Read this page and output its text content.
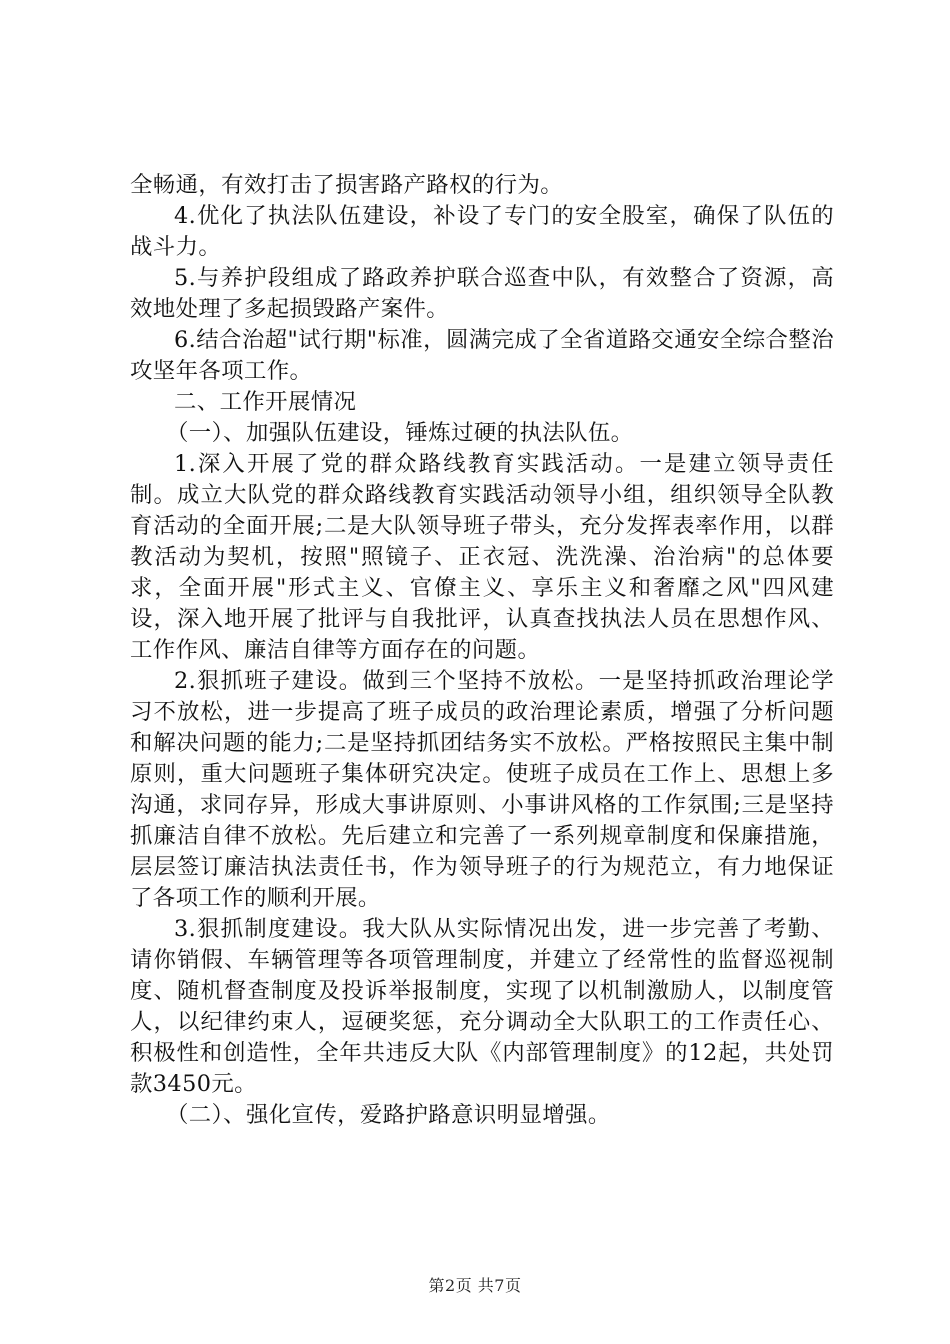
全畅通，有效打击了损害路产路权的行为。

4.优化了执法队伍建设，补设了专门的安全股室，确保了队伍的战斗力。

5.与养护段组成了路政养护联合巡查中队，有效整合了资源，高效地处理了多起损毁路产案件。

6.结合治超"试行期"标准，圆满完成了全省道路交通安全综合整治攻坚年各项工作。

二、工作开展情况

（一）、加强队伍建设，锤炼过硬的执法队伍。

1.深入开展了党的群众路线教育实践活动。一是建立领导责任制。成立大队党的群众路线教育实践活动领导小组，组织领导全队教育活动的全面开展;二是大队领导班子带头，充分发挥表率作用，以群教活动为契机，按照"照镜子、正衣冠、洗洗澡、治治病"的总体要求，全面开展"形式主义、官僚主义、享乐主义和奢靡之风"四风建设，深入地开展了批评与自我批评，认真查找执法人员在思想作风、工作作风、廉洁自律等方面存在的问题。

2.狠抓班子建设。做到三个坚持不放松。一是坚持抓政治理论学习不放松，进一步提高了班子成员的政治理论素质，增强了分析问题和解决问题的能力;二是坚持抓团结务实不放松。严格按照民主集中制原则，重大问题班子集体研究决定。使班子成员在工作上、思想上多沟通，求同存异，形成大事讲原则、小事讲风格的工作氛围;三是坚持抓廉洁自律不放松。先后建立和完善了一系列规章制度和保廉措施，层层签订廉洁执法责任书，作为领导班子的行为规范立，有力地保证了各项工作的顺利开展。

3.狠抓制度建设。我大队从实际情况出发，进一步完善了考勤、请你销假、车辆管理等各项管理制度，并建立了经常性的监督巡视制度、随机督查制度及投诉举报制度，实现了以机制激励人，以制度管人，以纪律约束人，逗硬奖惩，充分调动全大队职工的工作责任心、积极性和创造性，全年共违反大队《内部管理制度》的12起，共处罚款3450元。

（二）、强化宣传，爱路护路意识明显增强。

第2页 共7页
